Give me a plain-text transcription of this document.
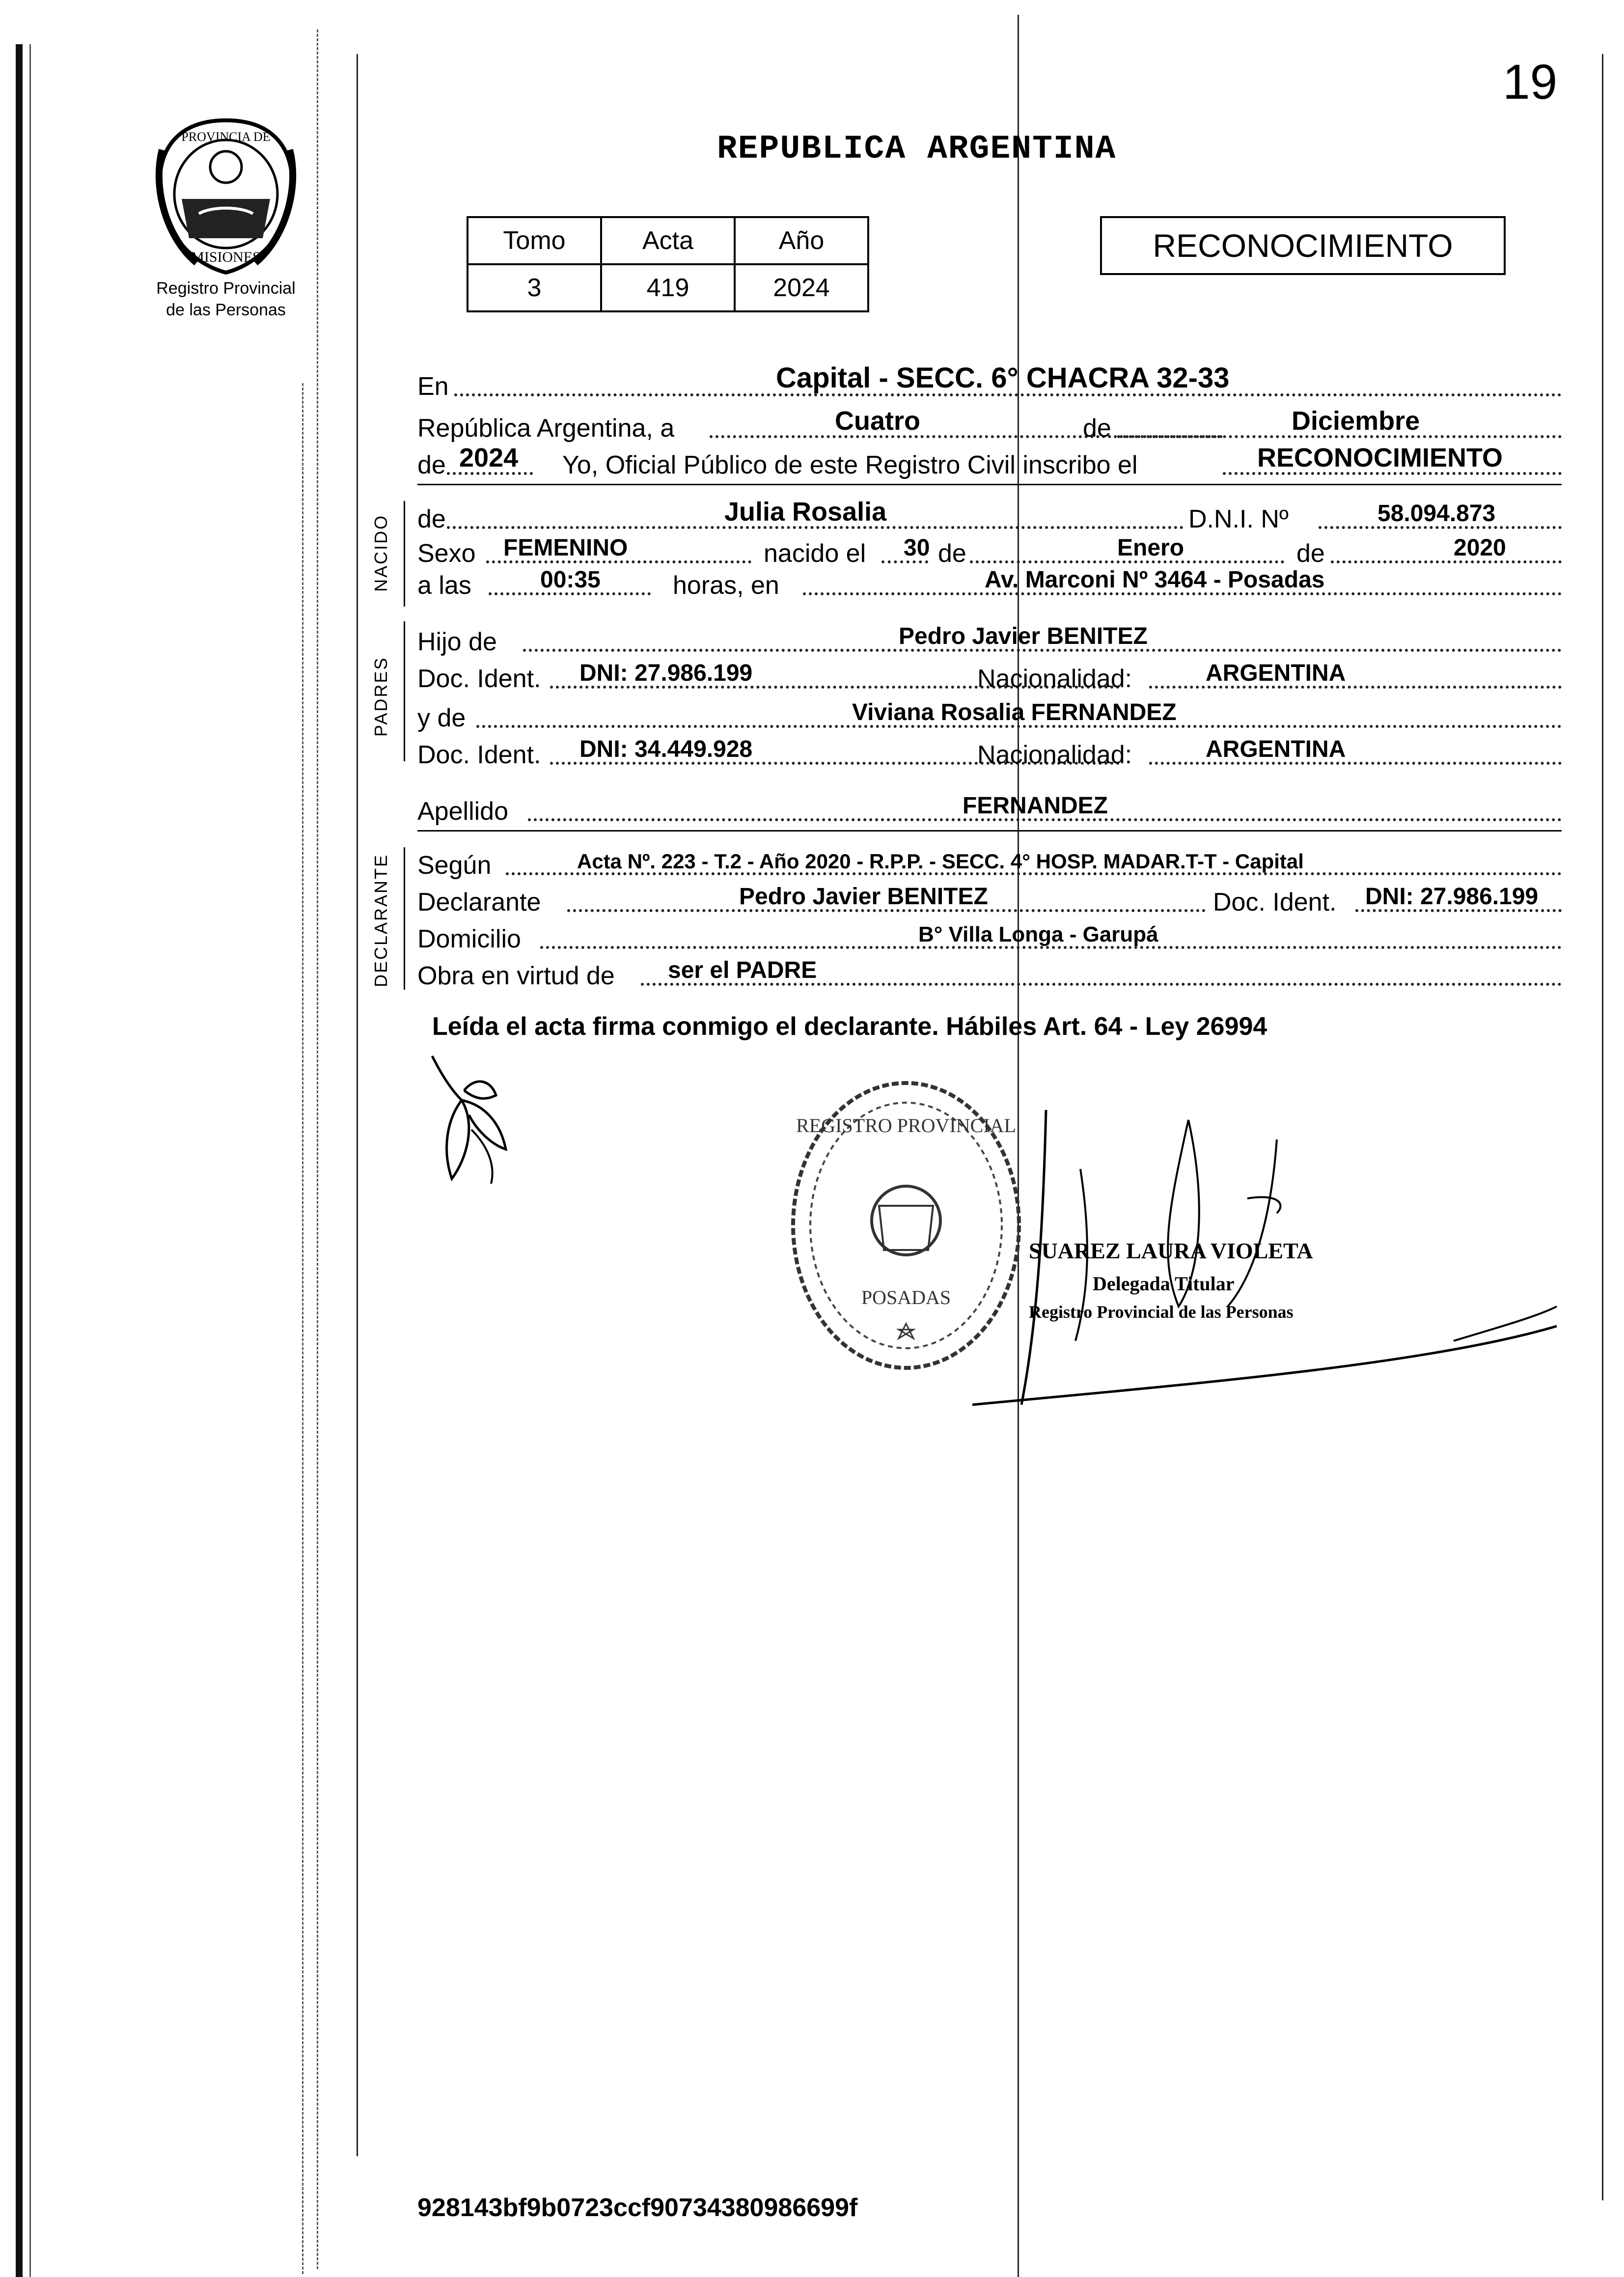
19
PROVINCIA DE
MISIONES
Registro Provincial
de las Personas
REPUBLICA ARGENTINA
Tomo	Acta	Año
3	419	2024
RECONOCIMIENTO
En	Capital - SECC. 6° CHACRA 32-33
República Argentina, a	Cuatro	de	Diciembre
de 2024 Yo, Oficial Público de este Registro Civil inscribo el	RECONOCIMIENTO
NACIDO de	Julia Rosalia	D.N.I. Nº	58.094.873
Sexo FEMENINO	nacido el 30 de	Enero	de	2020
a las	00:35	horas, en	Av. Marconi Nº 3464 - Posadas
PADRES
Hijo de	Pedro Javier BENITEZ
Doc. Ident. DNI: 27.986.199	Nacionalidad:	ARGENTINA
y de	Viviana Rosalia FERNANDEZ
Doc. Ident. DNI: 34.449.928	Nacionalidad:	ARGENTINA
Apellido	FERNANDEZ
DECLARANTE Según	Acta Nº. 223 - T.2 - Año 2020 - R.P.P. - SECC. 4° HOSP. MADAR.T-T - Capital
Declarante	Pedro Javier BENITEZ	Doc. Ident. DNI: 27.986.199
Domicilio	B° Villa Longa - Garupá
Obra en virtud de ser el PADRE
Leída el acta firma conmigo el declarante. Hábiles Art. 64 - Ley 26994
REGISTRO PROVINCIAL
POSADAS
SUAREZ LAURA VIOLETA
Delegada Titular
Registro Provincial de las Personas
928143bf9b0723ccf90734380986699f
